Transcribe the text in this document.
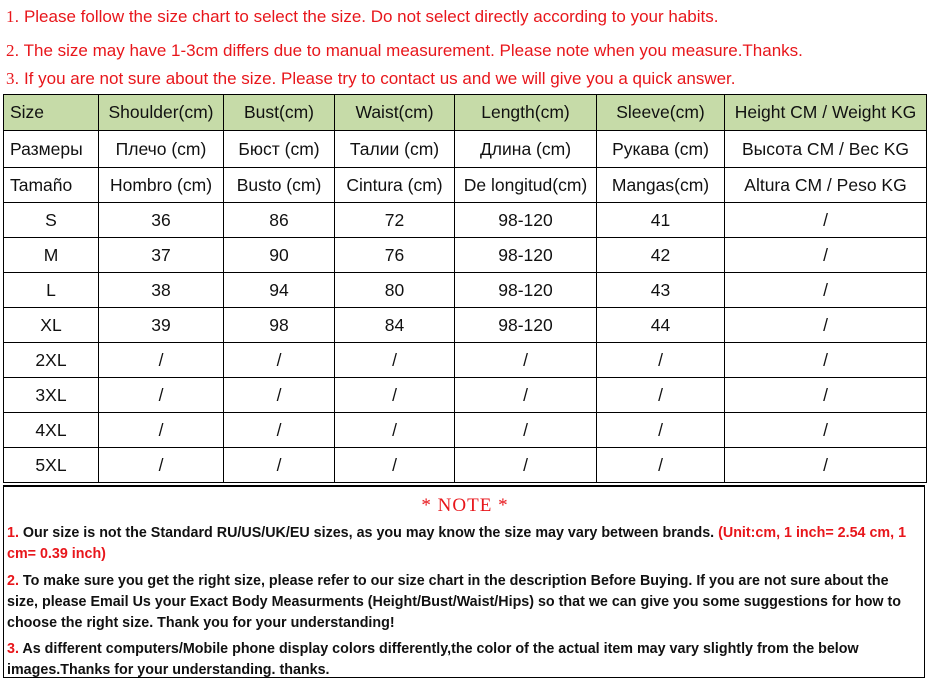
1. Please follow the size chart to select the size. Do not select directly according to your habits.
2. The size may have 1-3cm differs due to manual measurement. Please note when you measure.Thanks.
3. If you are not sure about the size. Please try to contact us and we will give you a quick answer.
Size	Shoulder(cm)	Bust(cm)	Waist(cm)	Length(cm)	Sleeve(cm)	Height CM / Weight KG
Размеры	Плечо (cm)	Бюст (cm)	Талии (cm)	Длина (cm)	Рукава (cm)	Высота CM / Вес KG
Tamaño	Hombro (cm)	Busto (cm)	Cintura (cm)	De longitud(cm)	Mangas(cm)	Altura CM / Peso KG
S	36	86	72	98-120	41	/
M	37	90	76	98-120	42	/
L	38	94	80	98-120	43	/
XL	39	98	84	98-120	44	/
2XL	/	/	/	/	/	/
3XL	/	/	/	/	/	/
4XL	/	/	/	/	/	/
5XL	/	/	/	/	/	/
* NOTE *
1. Our size is not the Standard RU/US/UK/EU sizes, as you may know the size may vary between brands. (Unit:cm, 1 inch= 2.54 cm, 1 cm= 0.39 inch)
2. To make sure you get the right size, please refer to our size chart in the description Before Buying. If you are not sure about the size, please Email Us your Exact Body Measurments (Height/Bust/Waist/Hips) so that we can give you some suggestions for how to choose the right size. Thank you for your understanding!
3. As different computers/Mobile phone display colors differently,the color of the actual item may vary slightly from the below images.Thanks for your understanding. thanks.
